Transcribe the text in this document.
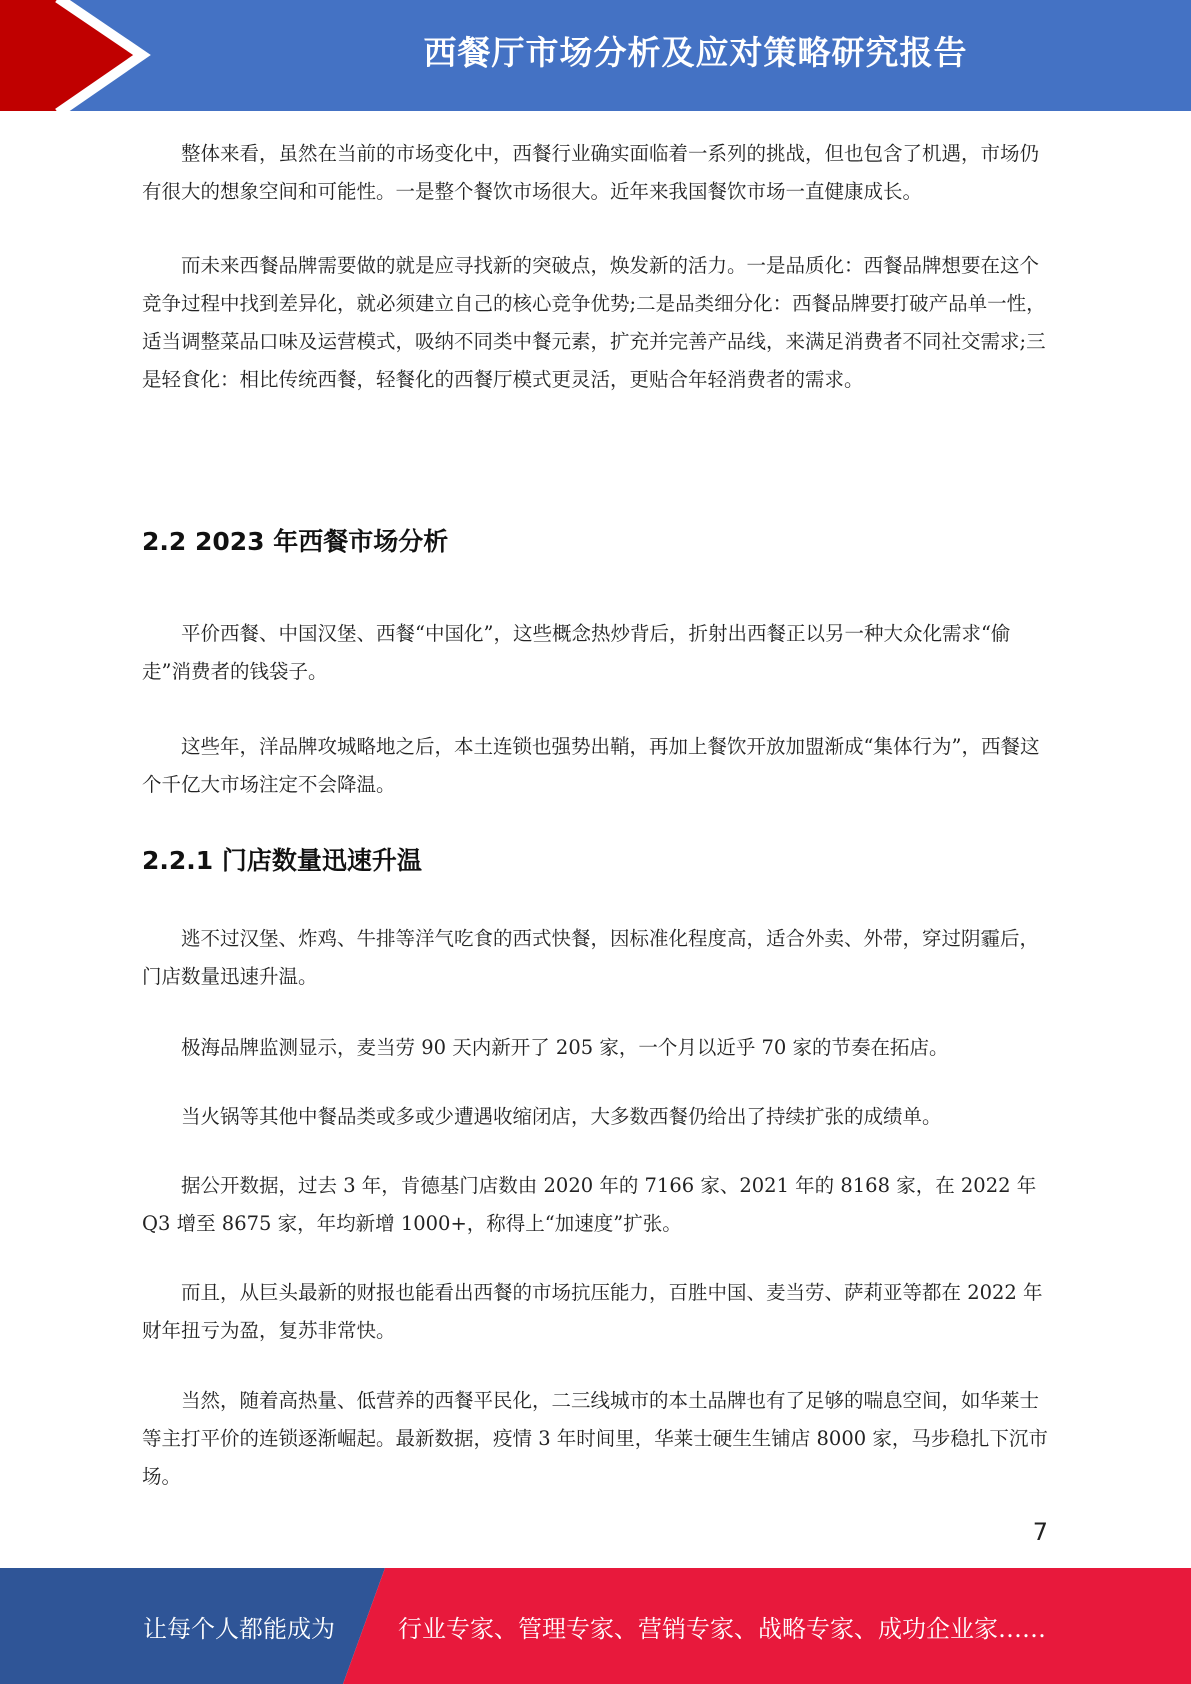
西餐厅市场分析及应对策略研究报告

整体来看，虽然在当前的市场变化中，西餐行业确实面临着一系列的挑战，但也包含了机遇，市场仍有很大的想象空间和可能性。一是整个餐饮市场很大。近年来我国餐饮市场一直健康成长。

而未来西餐品牌需要做的就是应寻找新的突破点，焕发新的活力。一是品质化：西餐品牌想要在这个竞争过程中找到差异化，就必须建立自己的核心竞争优势;二是品类细分化：西餐品牌要打破产品单一性，适当调整菜品口味及运营模式，吸纳不同类中餐元素，扩充并完善产品线，来满足消费者不同社交需求;三是轻食化：相比传统西餐，轻餐化的西餐厅模式更灵活，更贴合年轻消费者的需求。

2.2 2023 年西餐市场分析

平价西餐、中国汉堡、西餐“中国化”，这些概念热炒背后，折射出西餐正以另一种大众化需求“偷走”消费者的钱袋子。

这些年，洋品牌攻城略地之后，本土连锁也强势出鞘，再加上餐饮开放加盟渐成“集体行为”，西餐这个千亿大市场注定不会降温。

2.2.1 门店数量迅速升温

逃不过汉堡、炸鸡、牛排等洋气吃食的西式快餐，因标准化程度高，适合外卖、外带，穿过阴霾后，门店数量迅速升温。

极海品牌监测显示，麦当劳 90 天内新开了 205 家，一个月以近乎 70 家的节奏在拓店。

当火锅等其他中餐品类或多或少遭遇收缩闭店，大多数西餐仍给出了持续扩张的成绩单。

据公开数据，过去 3 年，肯德基门店数由 2020 年的 7166 家、2021 年的 8168 家，在 2022 年 Q3 增至 8675 家，年均新增 1000+，称得上“加速度”扩张。

而且，从巨头最新的财报也能看出西餐的市场抗压能力，百胜中国、麦当劳、萨莉亚等都在 2022 年财年扭亏为盈，复苏非常快。

当然，随着高热量、低营养的西餐平民化，二三线城市的本土品牌也有了足够的喘息空间，如华莱士等主打平价的连锁逐渐崛起。最新数据，疫情 3 年时间里，华莱士硬生生铺店 8000 家，马步稳扎下沉市场。

7
让每个人都能成为	行业专家、管理专家、营销专家、战略专家、成功企业家……
